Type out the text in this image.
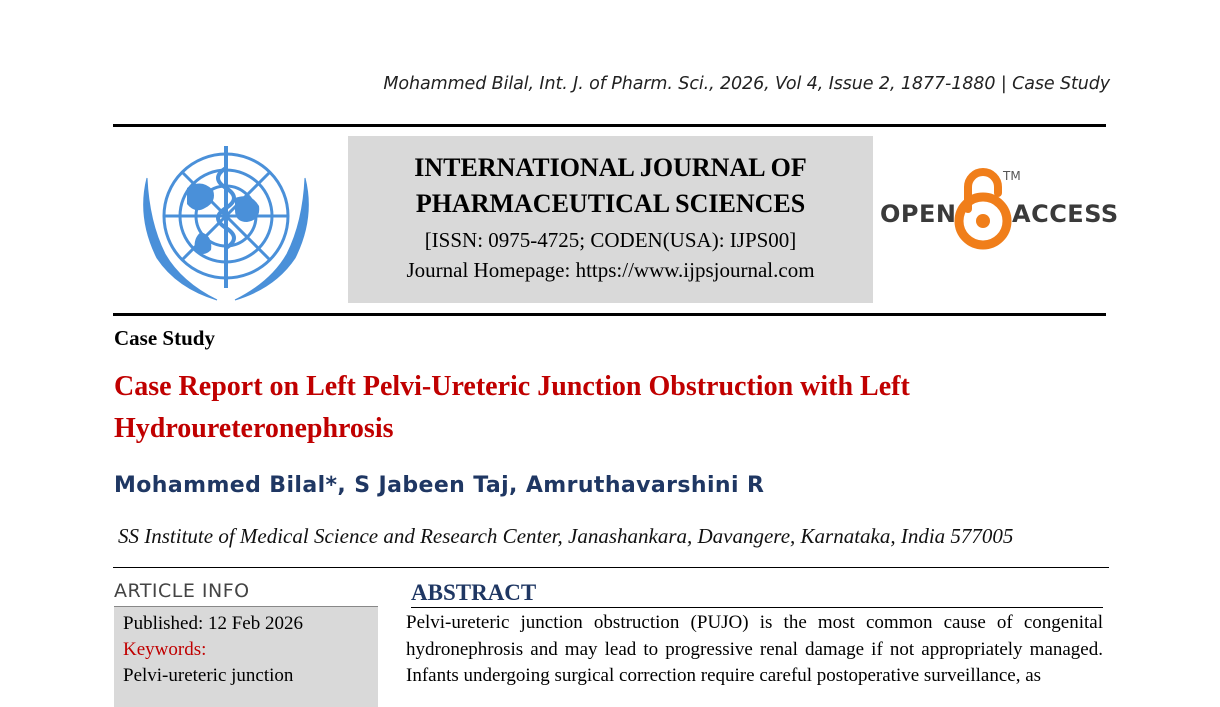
Mohammed Bilal, Int. J. of Pharm. Sci., 2026, Vol 4, Issue 2, 1877-1880 | Case Study
INTERNATIONAL JOURNAL OF
PHARMACEUTICAL SCIENCES
[ISSN: 0975-4725; CODEN(USA): IJPS00]
Journal Homepage: https://www.ijpsjournal.com
OPEN
TM
ACCESS
Case Study
Case Report on Left Pelvi-Ureteric Junction Obstruction with Left Hydroureteronephrosis
Mohammed Bilal*, S Jabeen Taj, Amruthavarshini R
SS Institute of Medical Science and Research Center, Janashankara, Davangere, Karnataka, India 577005
ARTICLE INFO
Published: 12 Feb 2026
Keywords:
Pelvi-ureteric junction
ABSTRACT
Pelvi-ureteric junction obstruction (PUJO) is the most common cause of congenital hydronephrosis and may lead to progressive renal damage if not appropriately managed. Infants undergoing surgical correction require careful postoperative surveillance, as
